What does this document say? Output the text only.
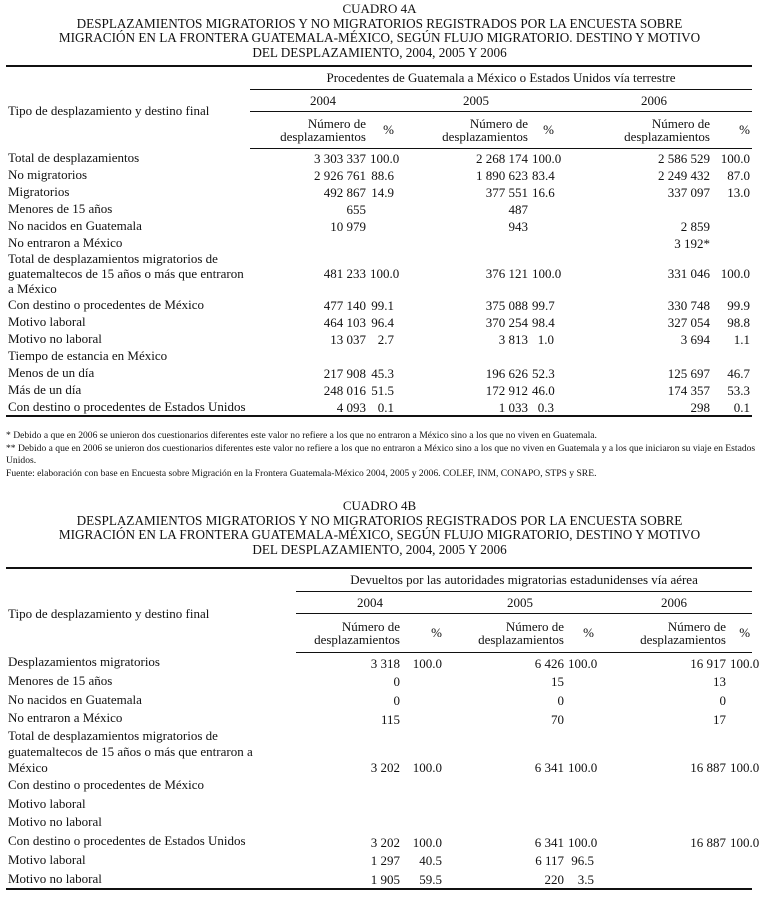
CUADRO 4A
DESPLAZAMIENTOS MIGRATORIOS Y NO MIGRATORIOS REGISTRADOS POR LA ENCUESTA SOBRE
MIGRACIÓN EN LA FRONTERA GUATEMALA-MÉXICO, SEGÚN FLUJO MIGRATORIO. DESTINO Y MOTIVO
DEL DESPLAZAMIENTO, 2004, 2005 Y 2006
Tipo de desplazamiento y destino final	Procedentes de Guatemala a México o Estados Unidos vía terrestre					
	2004		2005		2006	
	Número de desplazamientos	%	Número de desplazamientos	%	Número de desplazamientos	%
Total de desplazamientos	3 303 337	100.0	2 268 174	100.0	2 586 529	100.0
No migratorios	2 926 761	88.6	1 890 623	83.4	2 249 432	87.0
Migratorios	492 867	14.9	377 551	16.6	337 097	13.0
Menores de 15 años	655		487			
No nacidos en Guatemala	10 979		943		2 859	
No entraron a México					3 192*	
Total de desplazamientos migratorios de guatemaltecos de 15 años o más que entraron a México	481 233	100.0	376 121	100.0	331 046	100.0
Con destino o procedentes de México	477 140	99.1	375 088	99.7	330 748	99.9
Motivo laboral	464 103	96.4	370 254	98.4	327 054	98.8
Motivo no laboral	13 037	2.7	3 813	1.0	3 694	1.1
Tiempo de estancia en México						
Menos de un día	217 908	45.3	196 626	52.3	125 697	46.7
Más de un día	248 016	51.5	172 912	46.0	174 357	53.3
Con destino o procedentes de Estados Unidos	4 093	0.1	1 033	0.3	298	0.1
* Debido a que en 2006 se unieron dos cuestionarios diferentes este valor no refiere a los que no entraron a México sino a los que no viven en Guatemala.
** Debido a que en 2006 se unieron dos cuestionarios diferentes este valor no refiere a los que no entraron a México sino a los que no viven en Guatemala y a los que iniciaron su viaje en Estados Unidos.
Fuente: elaboración con base en Encuesta sobre Migración en la Frontera Guatemala-México 2004, 2005 y 2006. COLEF, INM, CONAPO, STPS y SRE.
CUADRO 4B
DESPLAZAMIENTOS MIGRATORIOS Y NO MIGRATORIOS REGISTRADOS POR LA ENCUESTA SOBRE
MIGRACIÓN EN LA FRONTERA GUATEMALA-MÉXICO, SEGÚN FLUJO MIGRATORIO, DESTINO Y MOTIVO
DEL DESPLAZAMIENTO, 2004, 2005 Y 2006
Tipo de desplazamiento y destino final	Devueltos por las autoridades migratorias estadunidenses vía aérea					
	2004		2005		2006	
	Número de desplazamientos	%	Número de desplazamientos	%	Número de desplazamientos	%
Desplazamientos migratorios	3 318	100.0	6 426	100.0	16 917	100.0
Menores de 15 años	0		15		13	
No nacidos en Guatemala	0		0		0	
No entraron a México	115		70		17	
Total de desplazamientos migratorios de guatemaltecos de 15 años o más que entraron a México	3 202	100.0	6 341	100.0	16 887	100.0
Con destino o procedentes de México						
Motivo laboral						
Motivo no laboral						
Con destino o procedentes de Estados Unidos	3 202	100.0	6 341	100.0	16 887	100.0
Motivo laboral	1 297	40.5	6 117	96.5		
Motivo no laboral	1 905	59.5	220	3.5		
